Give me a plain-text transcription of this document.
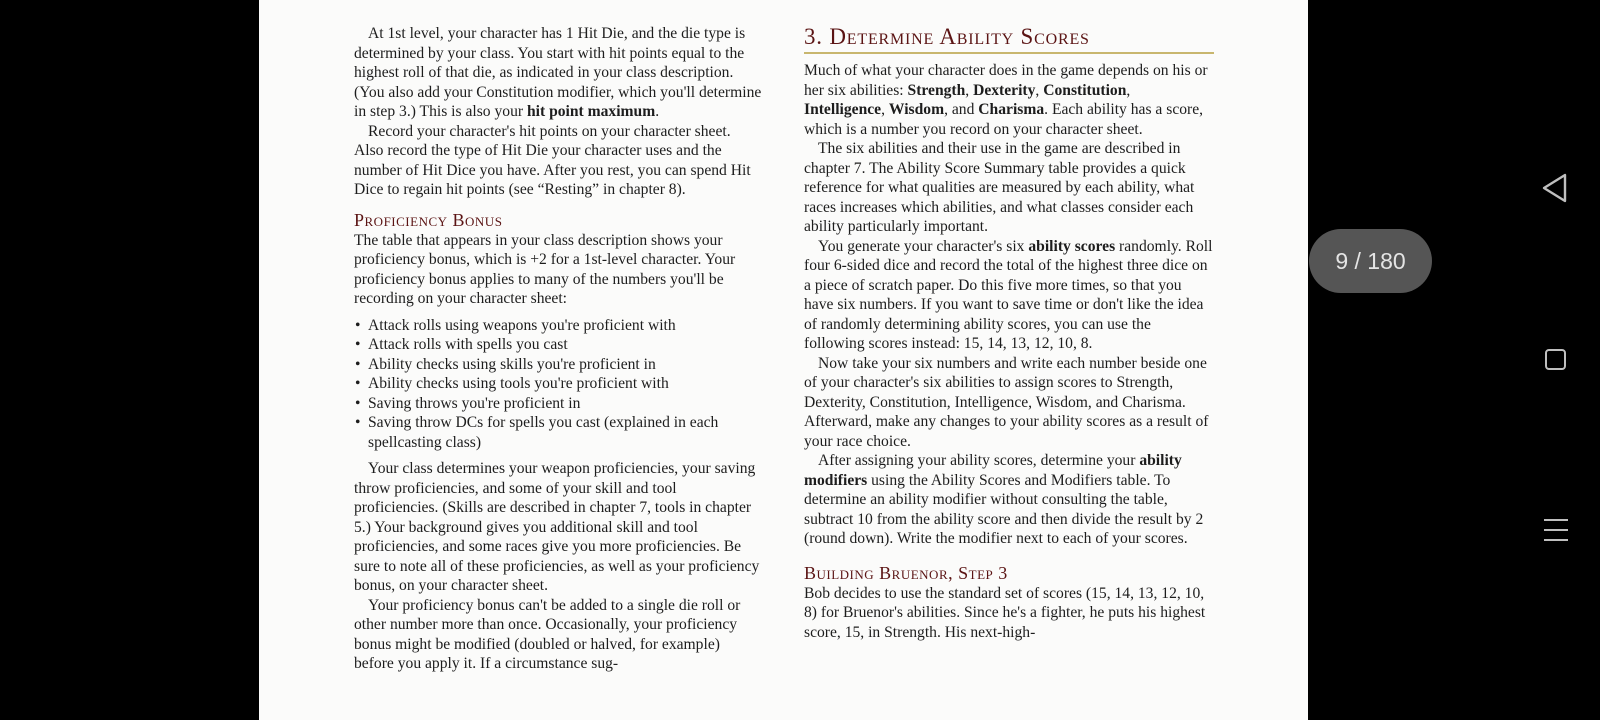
At 1st level, your character has 1 Hit Die, and the die type is determined by your class. You start with hit points equal to the highest roll of that die, as indicated in your class description. (You also add your Constitution modifier, which you'll determine in step 3.) This is also your hit point maximum.

Record your character's hit points on your character sheet. Also record the type of Hit Die your character uses and the number of Hit Dice you have. After you rest, you can spend Hit Dice to regain hit points (see “Resting” in chapter 8).

Proficiency Bonus

The table that appears in your class description shows your proficiency bonus, which is +2 for a 1st-level character. Your proficiency bonus applies to many of the numbers you'll be recording on your character sheet:

• Attack rolls using weapons you're proficient with
• Attack rolls with spells you cast
• Ability checks using skills you're proficient in
• Ability checks using tools you're proficient with
• Saving throws you're proficient in
• Saving throw DCs for spells you cast (explained in each spellcasting class)

Your class determines your weapon proficiencies, your saving throw proficiencies, and some of your skill and tool proficiencies. (Skills are described in chapter 7, tools in chapter 5.) Your background gives you additional skill and tool proficiencies, and some races give you more proficiencies. Be sure to note all of these proficiencies, as well as your proficiency bonus, on your character sheet.

Your proficiency bonus can't be added to a single die roll or other number more than once. Occasionally, your proficiency bonus might be modified (doubled or halved, for example) before you apply it. If a circumstance sug-

3. Determine Ability Scores

Much of what your character does in the game depends on his or her six abilities: Strength, Dexterity, Constitution, Intelligence, Wisdom, and Charisma. Each ability has a score, which is a number you record on your character sheet.

The six abilities and their use in the game are described in chapter 7. The Ability Score Summary table provides a quick reference for what qualities are measured by each ability, what races increases which abilities, and what classes consider each ability particularly important.

You generate your character's six ability scores randomly. Roll four 6-sided dice and record the total of the highest three dice on a piece of scratch paper. Do this five more times, so that you have six numbers. If you want to save time or don't like the idea of randomly determining ability scores, you can use the following scores instead: 15, 14, 13, 12, 10, 8.

Now take your six numbers and write each number beside one of your character's six abilities to assign scores to Strength, Dexterity, Constitution, Intelligence, Wisdom, and Charisma. Afterward, make any changes to your ability scores as a result of your race choice.

After assigning your ability scores, determine your ability modifiers using the Ability Scores and Modifiers table. To determine an ability modifier without consulting the table, subtract 10 from the ability score and then divide the result by 2 (round down). Write the modifier next to each of your scores.

Building Bruenor, Step 3

Bob decides to use the standard set of scores (15, 14, 13, 12, 10, 8) for Bruenor's abilities. Since he's a fighter, he puts his highest score, 15, in Strength. His next-high-

9 / 180
